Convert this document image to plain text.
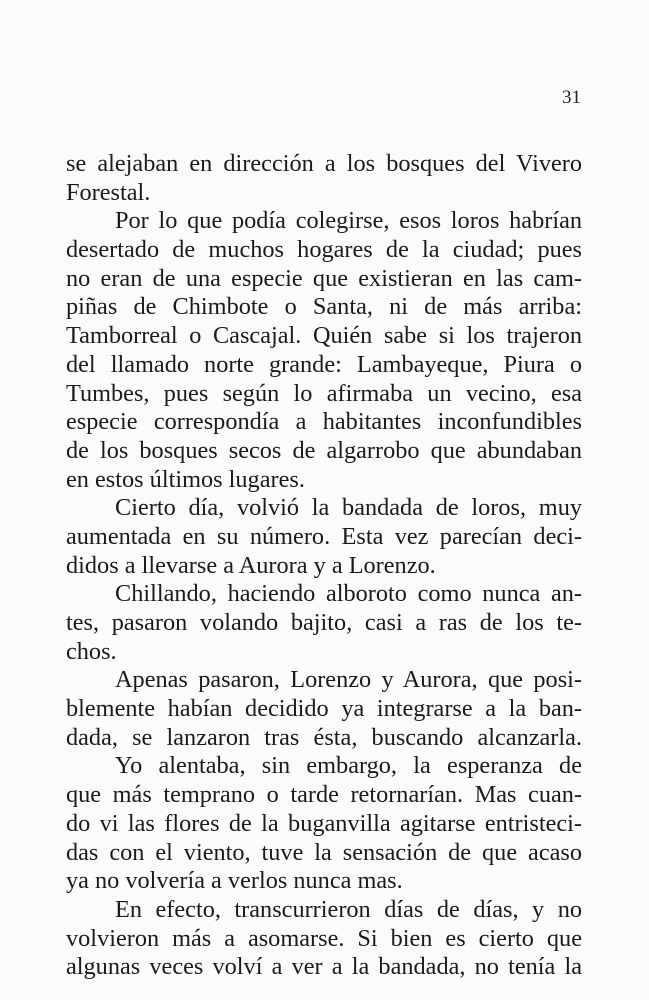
31
se alejaban en dirección a los bosques del Vivero
Forestal.
Por lo que podía colegirse, esos loros habrían
desertado de muchos hogares de la ciudad; pues
no eran de una especie que existieran en las cam-
piñas de Chimbote o Santa, ni de más arriba:
Tamborreal o Cascajal. Quién sabe si los trajeron
del llamado norte grande: Lambayeque, Piura o
Tumbes, pues según lo afirmaba un vecino, esa
especie correspondía a habitantes inconfundibles
de los bosques secos de algarrobo que abundaban
en estos últimos lugares.
Cierto día, volvió la bandada de loros, muy
aumentada en su número. Esta vez parecían deci-
didos a llevarse a Aurora y a Lorenzo.
Chillando, haciendo alboroto como nunca an-
tes, pasaron volando bajito, casi a ras de los te-
chos.
Apenas pasaron, Lorenzo y Aurora, que posi-
blemente habían decidido ya integrarse a la ban-
dada, se lanzaron tras ésta, buscando alcanzarla.
Yo alentaba, sin embargo, la esperanza de
que más temprano o tarde retornarían. Mas cuan-
do vi las flores de la buganvilla agitarse entristeci-
das con el viento, tuve la sensación de que acaso
ya no volvería a verlos nunca mas.
En efecto, transcurrieron días de días, y no
volvieron más a asomarse. Si bien es cierto que
algunas veces volví a ver a la bandada, no tenía la
